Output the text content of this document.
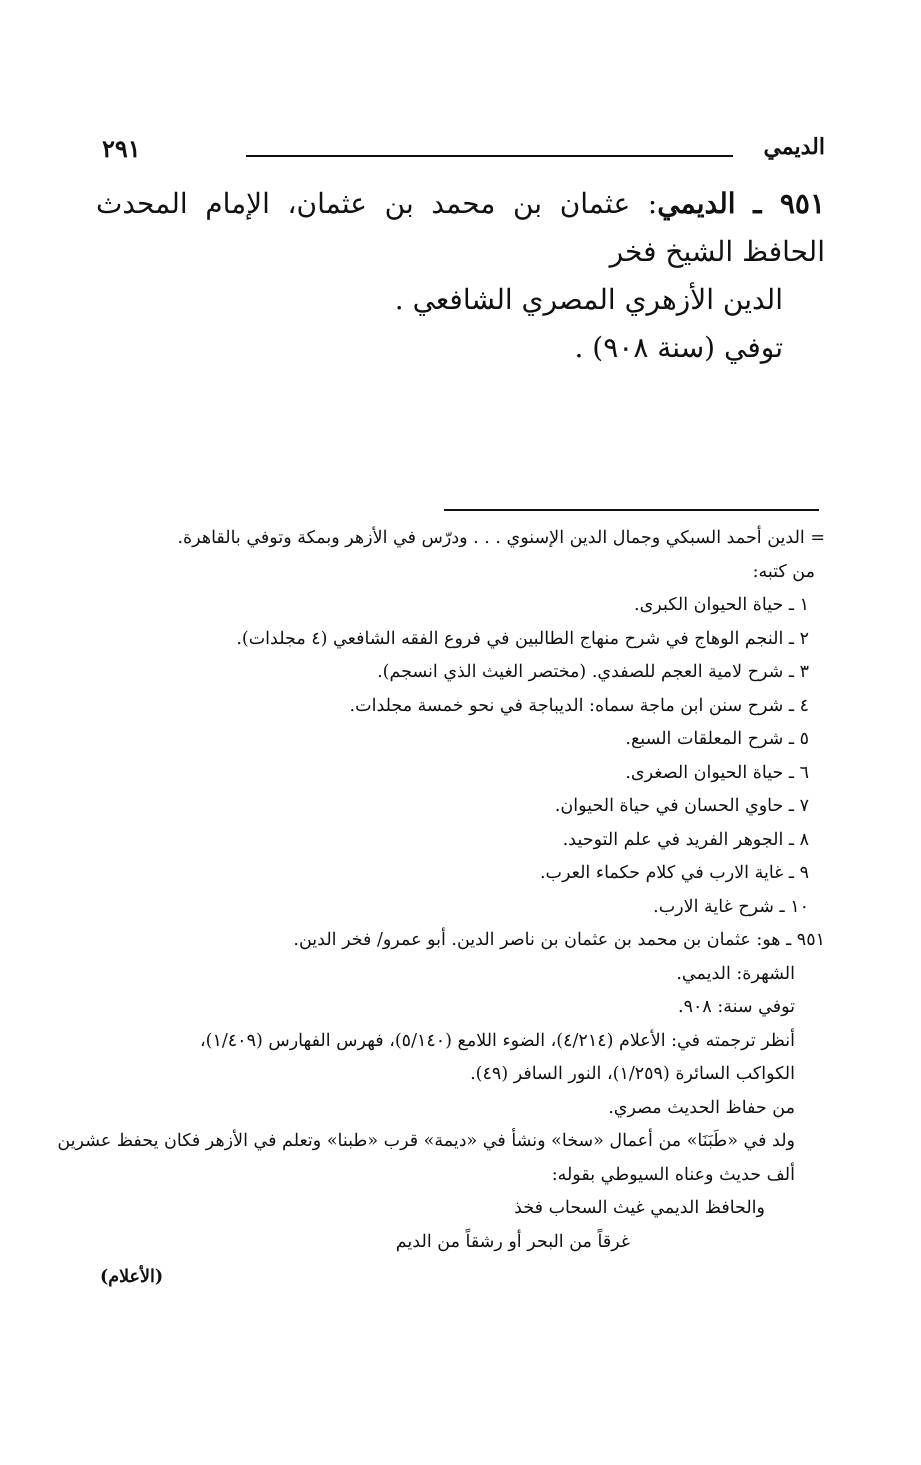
الديمي
٢٩١
٩٥١ ـ الديمي: عثمان بن محمد بن عثمان، الإمام المحدث الحافظ الشيخ فخر
الدين الأزهري المصري الشافعي .
توفي (سنة ٩٠٨) .
= الدين أحمد السبكي وجمال الدين الإسنوي . . . ودرّس في الأزهر وبمكة وتوفي بالقاهرة.
من كتبه:
١ ـ حياة الحيوان الكبرى.
٢ ـ النجم الوهاج في شرح منهاج الطالبين في فروع الفقه الشافعي (٤ مجلدات).
٣ ـ شرح لامية العجم للصفدي. (مختصر الغيث الذي انسجم).
٤ ـ شرح سنن ابن ماجة سماه: الديباجة في نحو خمسة مجلدات.
٥ ـ شرح المعلقات السبع.
٦ ـ حياة الحيوان الصغرى.
٧ ـ حاوي الحسان في حياة الحيوان.
٨ ـ الجوهر الفريد في علم التوحيد.
٩ ـ غاية الارب في كلام حكماء العرب.
١٠ ـ شرح غاية الارب.
٩٥١ ـ هو: عثمان بن محمد بن عثمان بن ناصر الدين. أبو عمرو/ فخر الدين.
الشهرة: الديمي.
توفي سنة: ٩٠٨.
أنظر ترجمته في: الأعلام (٤/٢١٤)، الضوء اللامع (٥/١٤٠)، فهرس الفهارس (١/٤٠٩)،
الكواكب السائرة (١/٢٥٩)، النور السافر (٤٩).
من حفاظ الحديث مصري.
ولد في «طَبَنَا» من أعمال «سخا» ونشأ في «ديمة» قرب «طبنا» وتعلم في الأزهر فكان يحفظ عشرين
ألف حديث وعناه السيوطي بقوله:
والحافظ الديمي غيث السحاب فخذ
غرقاً من البحر أو رشقاً من الديم
(الأعلام)
